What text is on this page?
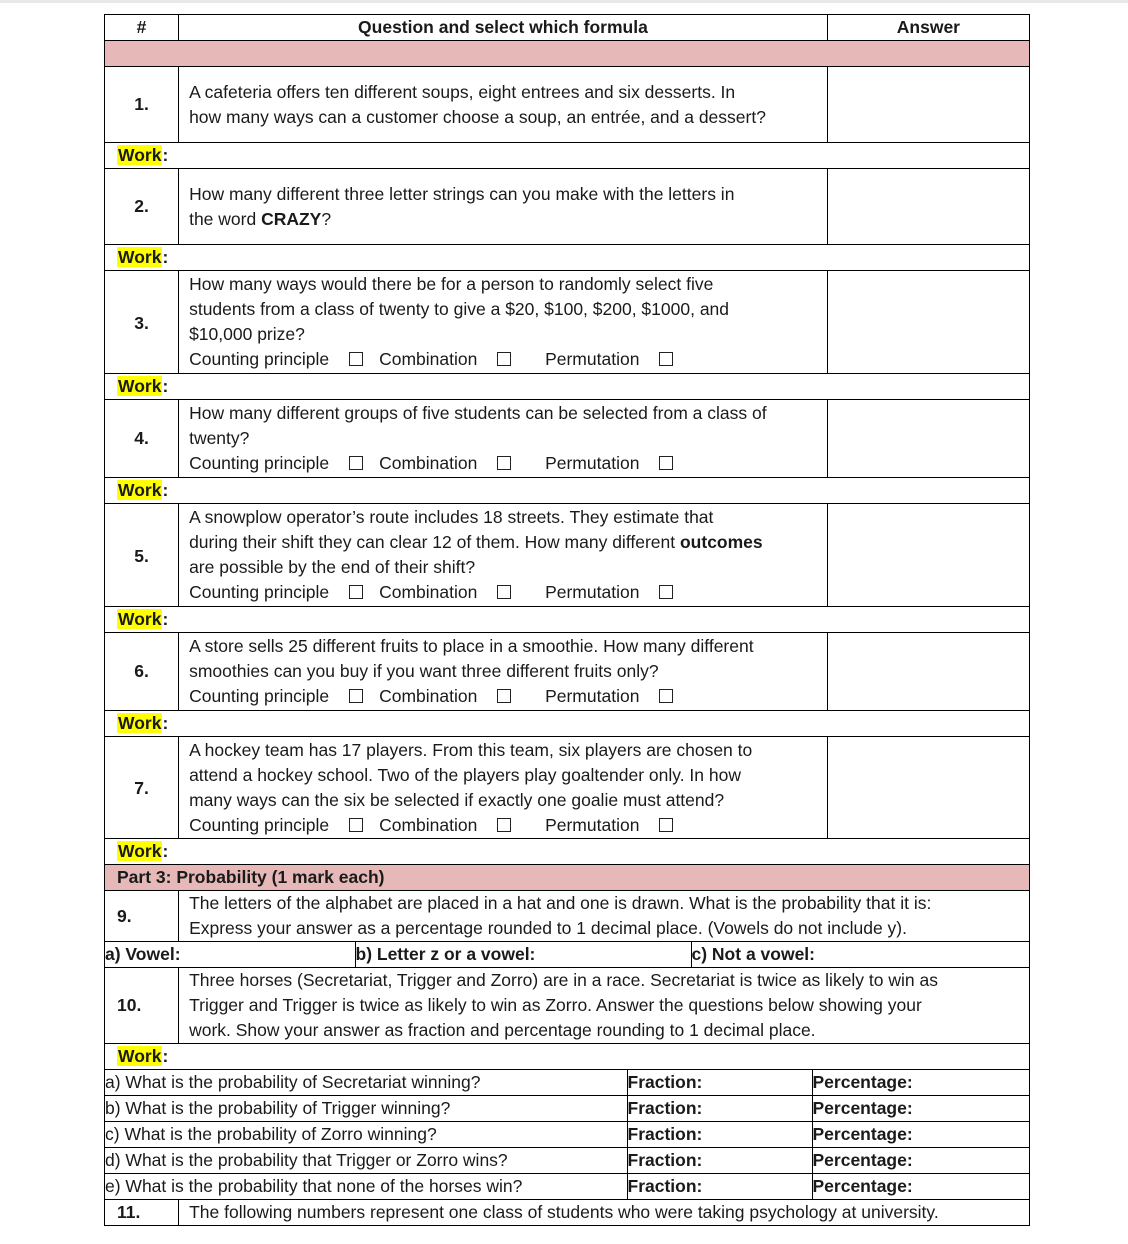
#	Question and select which formula	Answer

1.	
A cafeteria offers ten different soups, eight entrees and six desserts. In
how many ways can a customer choose a soup, an entrée, and a dessert?

Work:
2.	
How many different three letter strings can you make with the letters in
the word CRAZY?

Work:
3.	
How many ways would there be for a person to randomly select five
students from a class of twenty to give a $20, $100, $200, $1000, and
$10,000 prize?
Counting principle	Combination	Permutation

Work:
4.	
How many different groups of five students can be selected from a class of
twenty?
Counting principle	Combination	Permutation

Work:
5.	
A snowplow operator’s route includes 18 streets. They estimate that
during their shift they can clear 12 of them. How many different outcomes
are possible by the end of their shift?
Counting principle	Combination	Permutation

Work:
6.	
A store sells 25 different fruits to place in a smoothie. How many different
smoothies can you buy if you want three different fruits only?
Counting principle	Combination	Permutation

Work:
7.	
A hockey team has 17 players. From this team, six players are chosen to
attend a hockey school. Two of the players play goaltender only. In how
many ways can the six be selected if exactly one goalie must attend?
Counting principle	Combination	Permutation

Work:
Part 3: Probability (1 mark each)
9.	
The letters of the alphabet are placed in a hat and one is drawn. What is the probability that it is:
Express your answer as a percentage rounded to 1 decimal place. (Vowels do not include y).

a) Vowel:	b) Letter z or a vowel:	c) Not a vowel:

10.	
Three horses (Secretariat, Trigger and Zorro) are in a race. Secretariat is twice as likely to win as
Trigger and Trigger is twice as likely to win as Zorro. Answer the questions below showing your
work. Show your answer as fraction and percentage rounding to 1 decimal place.

Work:

a) What is the probability of Secretariat winning?	Fraction:	Percentage:

b) What is the probability of Trigger winning?	Fraction:	Percentage:

c) What is the probability of Zorro winning?	Fraction:	Percentage:

d) What is the probability that Trigger or Zorro wins?	Fraction:	Percentage:

e) What is the probability that none of the horses win?	Fraction:	Percentage:

11.	The following numbers represent one class of students who were taking psychology at university.
